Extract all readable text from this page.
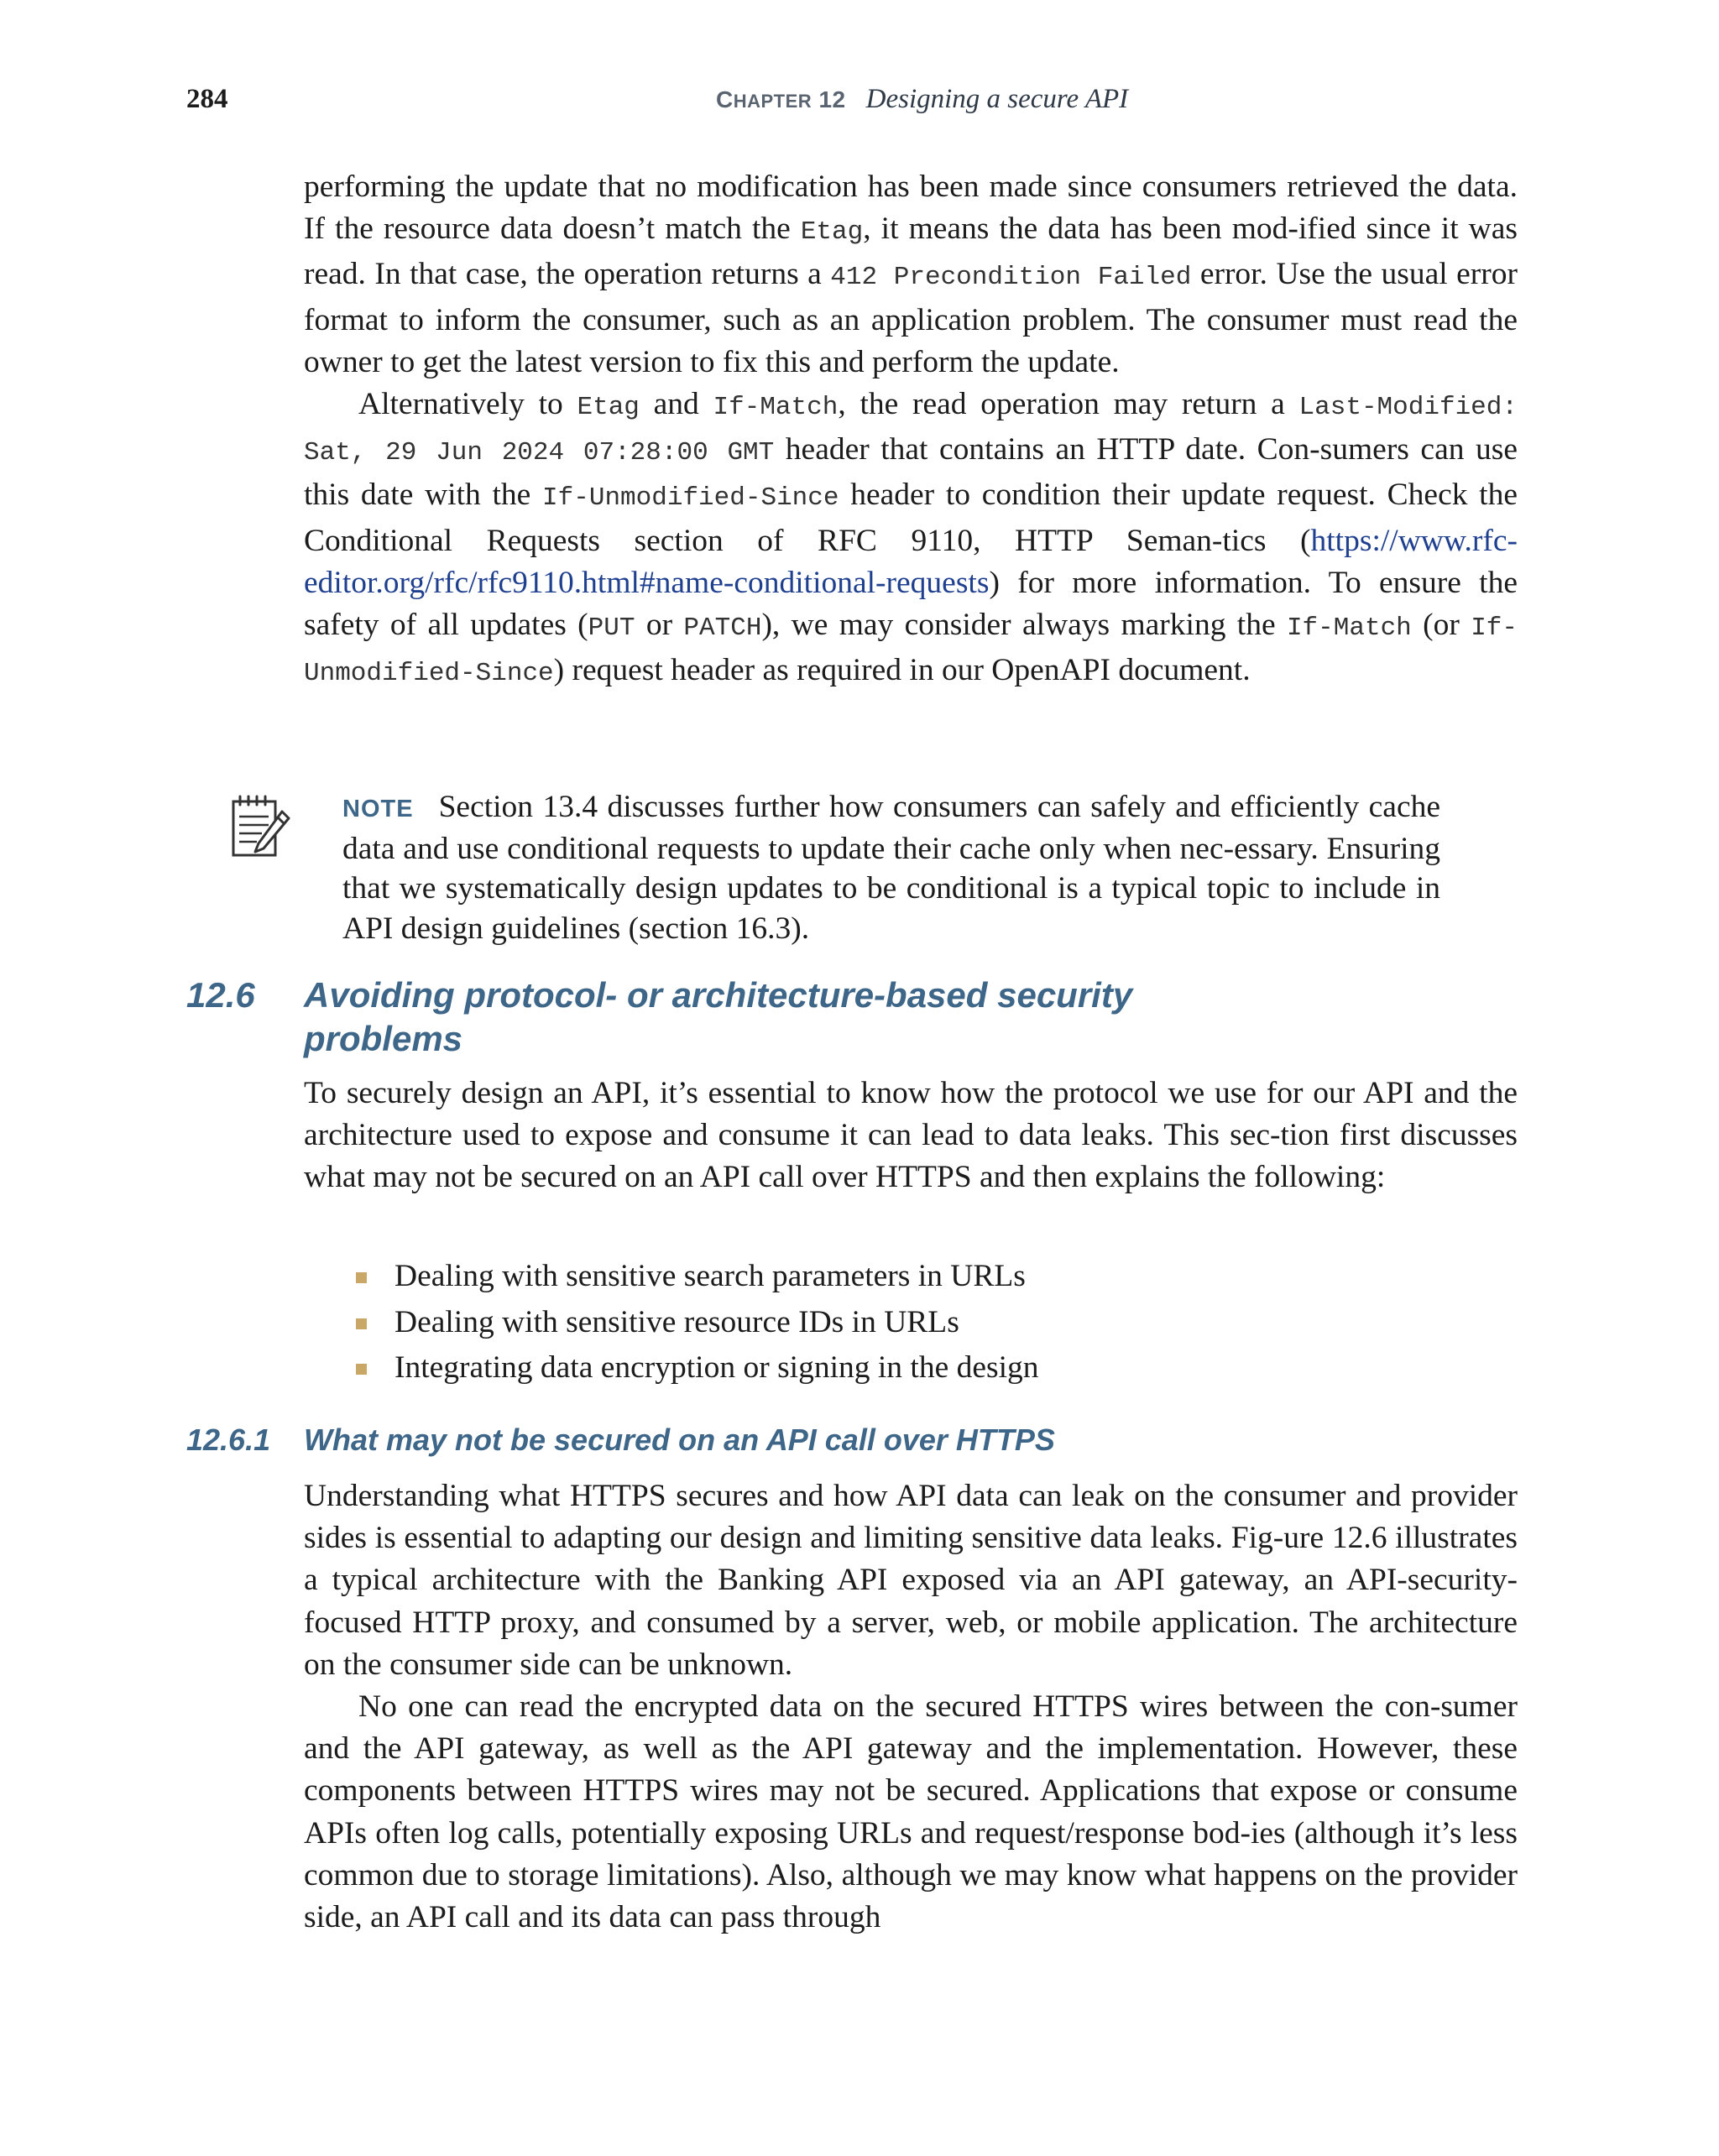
284	CHAPTER 12 Designing a secure API

performing the update that no modification has been made since consumers retrieved the data. If the resource data doesn’t match the Etag, it means the data has been mod-ified since it was read. In that case, the operation returns a 412 Precondition Failed error. Use the usual error format to inform the consumer, such as an application problem. The consumer must read the owner to get the latest version to fix this and perform the update.

Alternatively to Etag and If-Match, the read operation may return a Last-Modified: Sat, 29 Jun 2024 07:28:00 GMT header that contains an HTTP date. Con-sumers can use this date with the If-Unmodified-Since header to condition their update request. Check the Conditional Requests section of RFC 9110, HTTP Seman-tics (https://www.rfc-editor.org/rfc/rfc9110.html#name-conditional-requests) for more information. To ensure the safety of all updates (PUT or PATCH), we may consider always marking the If-Match (or If-Unmodified-Since) request header as required in our OpenAPI document.

NOTE Section 13.4 discusses further how consumers can safely and efficiently cache data and use conditional requests to update their cache only when nec-essary. Ensuring that we systematically design updates to be conditional is a typical topic to include in API design guidelines (section 16.3).
12.6 Avoiding protocol- or architecture-based security
problems

To securely design an API, it’s essential to know how the protocol we use for our API and the architecture used to expose and consume it can lead to data leaks. This sec-tion first discusses what may not be secured on an API call over HTTPS and then explains the following:

Dealing with sensitive search parameters in URLs
Dealing with sensitive resource IDs in URLs
Integrating data encryption or signing in the design
12.6.1 What may not be secured on an API call over HTTPS

Understanding what HTTPS secures and how API data can leak on the consumer and provider sides is essential to adapting our design and limiting sensitive data leaks. Fig-ure 12.6 illustrates a typical architecture with the Banking API exposed via an API gateway, an API-security-focused HTTP proxy, and consumed by a server, web, or mobile application. The architecture on the consumer side can be unknown.

No one can read the encrypted data on the secured HTTPS wires between the con-sumer and the API gateway, as well as the API gateway and the implementation. However, these components between HTTPS wires may not be secured. Applications that expose or consume APIs often log calls, potentially exposing URLs and request/response bod-ies (although it’s less common due to storage limitations). Also, although we may know what happens on the provider side, an API call and its data can pass through
